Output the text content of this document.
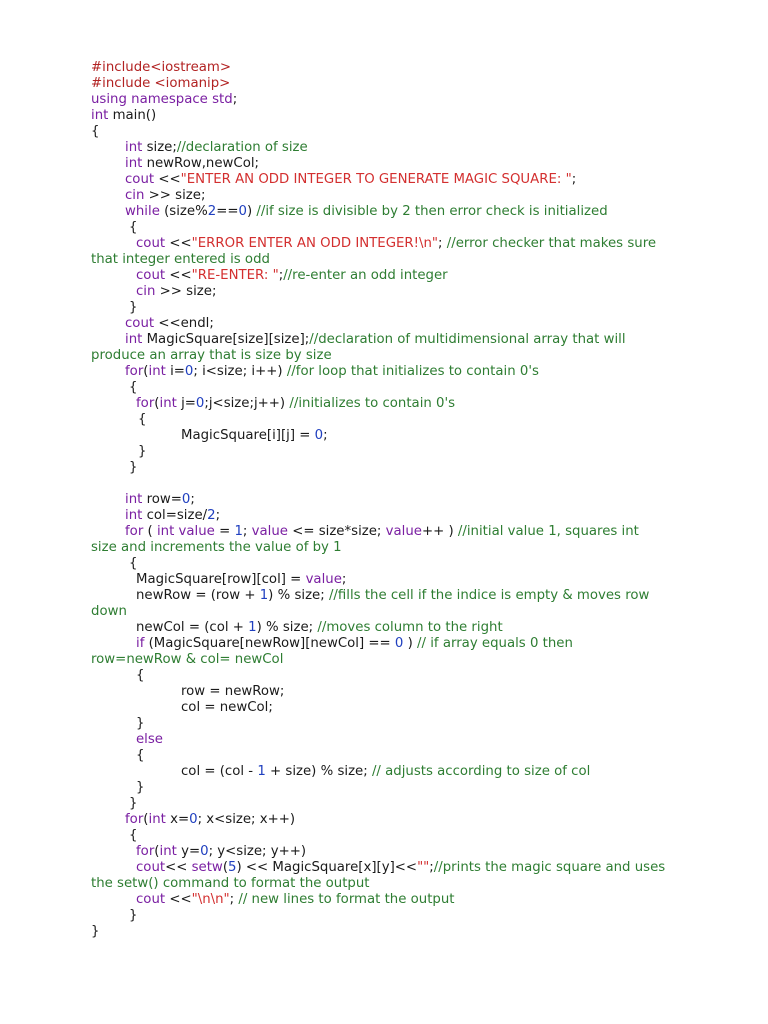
#include<iostream>
#include <iomanip>
using namespace std;
int main()
{
int size;//declaration of size
int newRow,newCol;
cout <<"ENTER AN ODD INTEGER TO GENERATE MAGIC SQUARE: ";
cin >> size;
while (size%2==0) //if size is divisible by 2 then error check is initialized
{
cout <<"ERROR ENTER AN ODD INTEGER!\n"; //error checker that makes sure
that integer entered is odd
cout <<"RE-ENTER: ";//re-enter an odd integer
cin >> size;
}
cout <<endl;
int MagicSquare[size][size];//declaration of multidimensional array that will
produce an array that is size by size
for(int i=0; i<size; i++) //for loop that initializes to contain 0's
{
for(int j=0;j<size;j++) //initializes to contain 0's
{
MagicSquare[i][j] = 0;
}
}
int row=0;
int col=size/2;
for ( int value = 1; value <= size*size; value++ ) //initial value 1, squares int
size and increments the value of by 1
{
MagicSquare[row][col] = value;
newRow = (row + 1) % size; //fills the cell if the indice is empty & moves row
down
newCol = (col + 1) % size; //moves column to the right
if (MagicSquare[newRow][newCol] == 0 ) // if array equals 0 then
row=newRow & col= newCol
{
row = newRow;
col = newCol;
}
else
{
col = (col - 1 + size) % size; // adjusts according to size of col
}
}
for(int x=0; x<size; x++)
{
for(int y=0; y<size; y++)
cout<< setw(5) << MagicSquare[x][y]<<"";//prints the magic square and uses
the setw() command to format the output
cout <<"\n\n"; // new lines to format the output
}
}
